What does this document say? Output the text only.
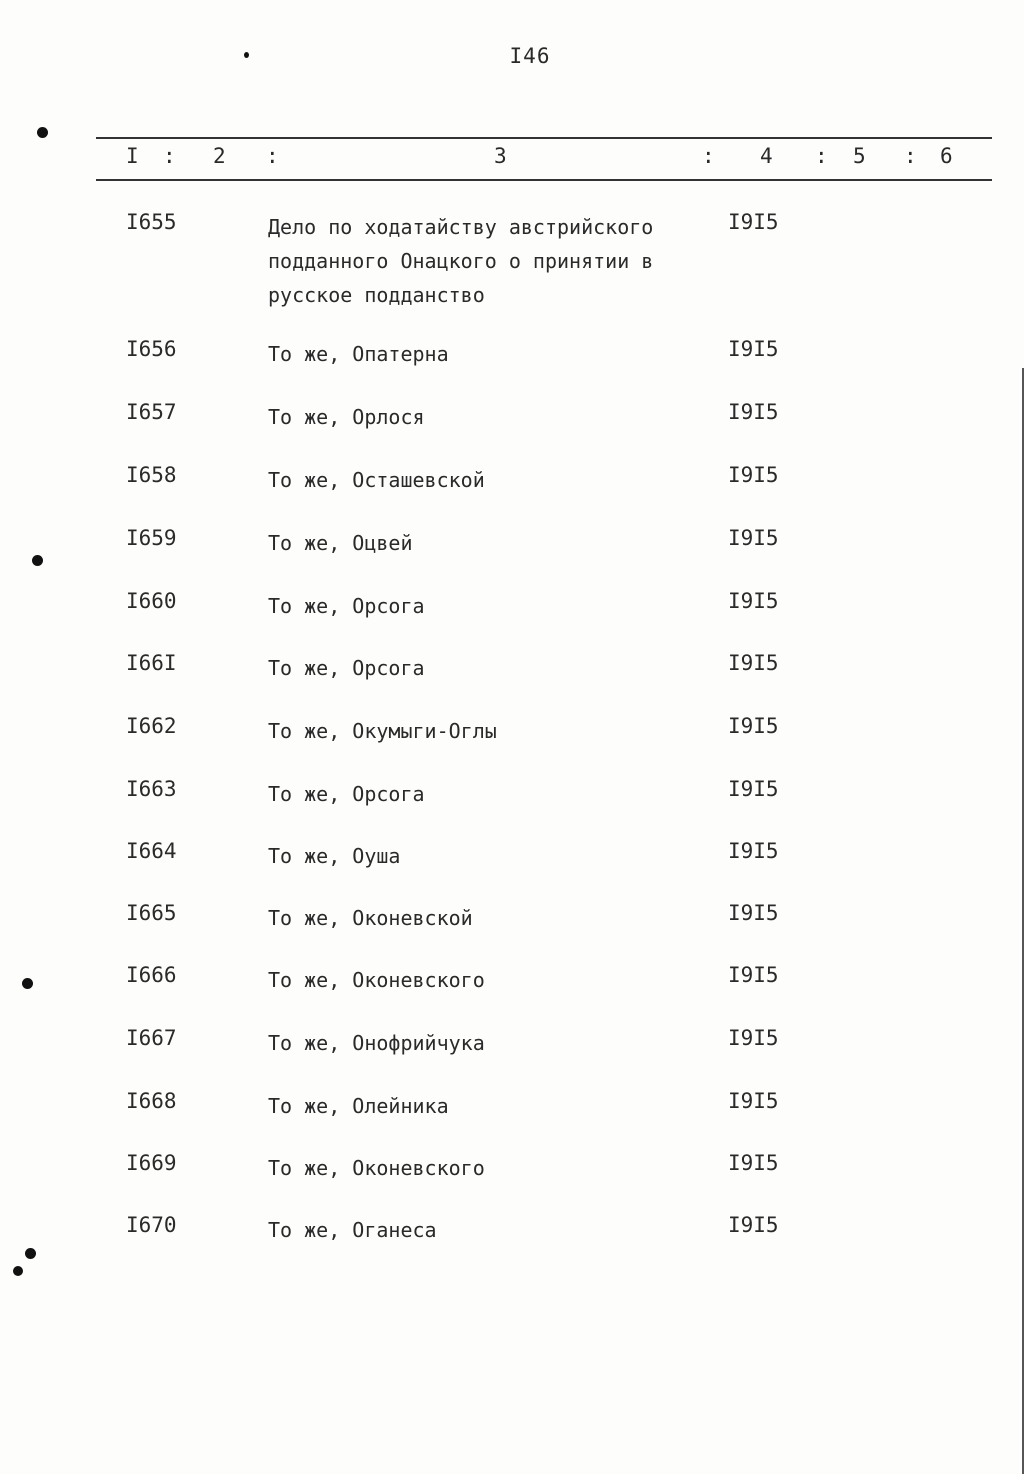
I46
I : 2 :	3	: 4 : 5 : 6
I655	Дело по ходатайству австрийского
подданного Онацкого о принятии в
русское подданство
I9I5
I656	То же, Опатерна	I9I5
I657	То же, Орлося	I9I5
I658	То же, Осташевской	I9I5
I659	То же, Оцвей	I9I5
I660	То же, Орсога	I9I5
I66I	То же, Орсога	I9I5
I662	То же, Окумыги-Оглы	I9I5
I663	То же, Орсога	I9I5
I664	То же, Оуша	I9I5
I665	То же, Оконевской	I9I5
I666	То же, Оконевского	I9I5
I667	То же, Онофрийчука	I9I5
I668	То же, Олейника	I9I5
I669	То же, Оконевского	I9I5
I670	То же, Оганеса	I9I5
